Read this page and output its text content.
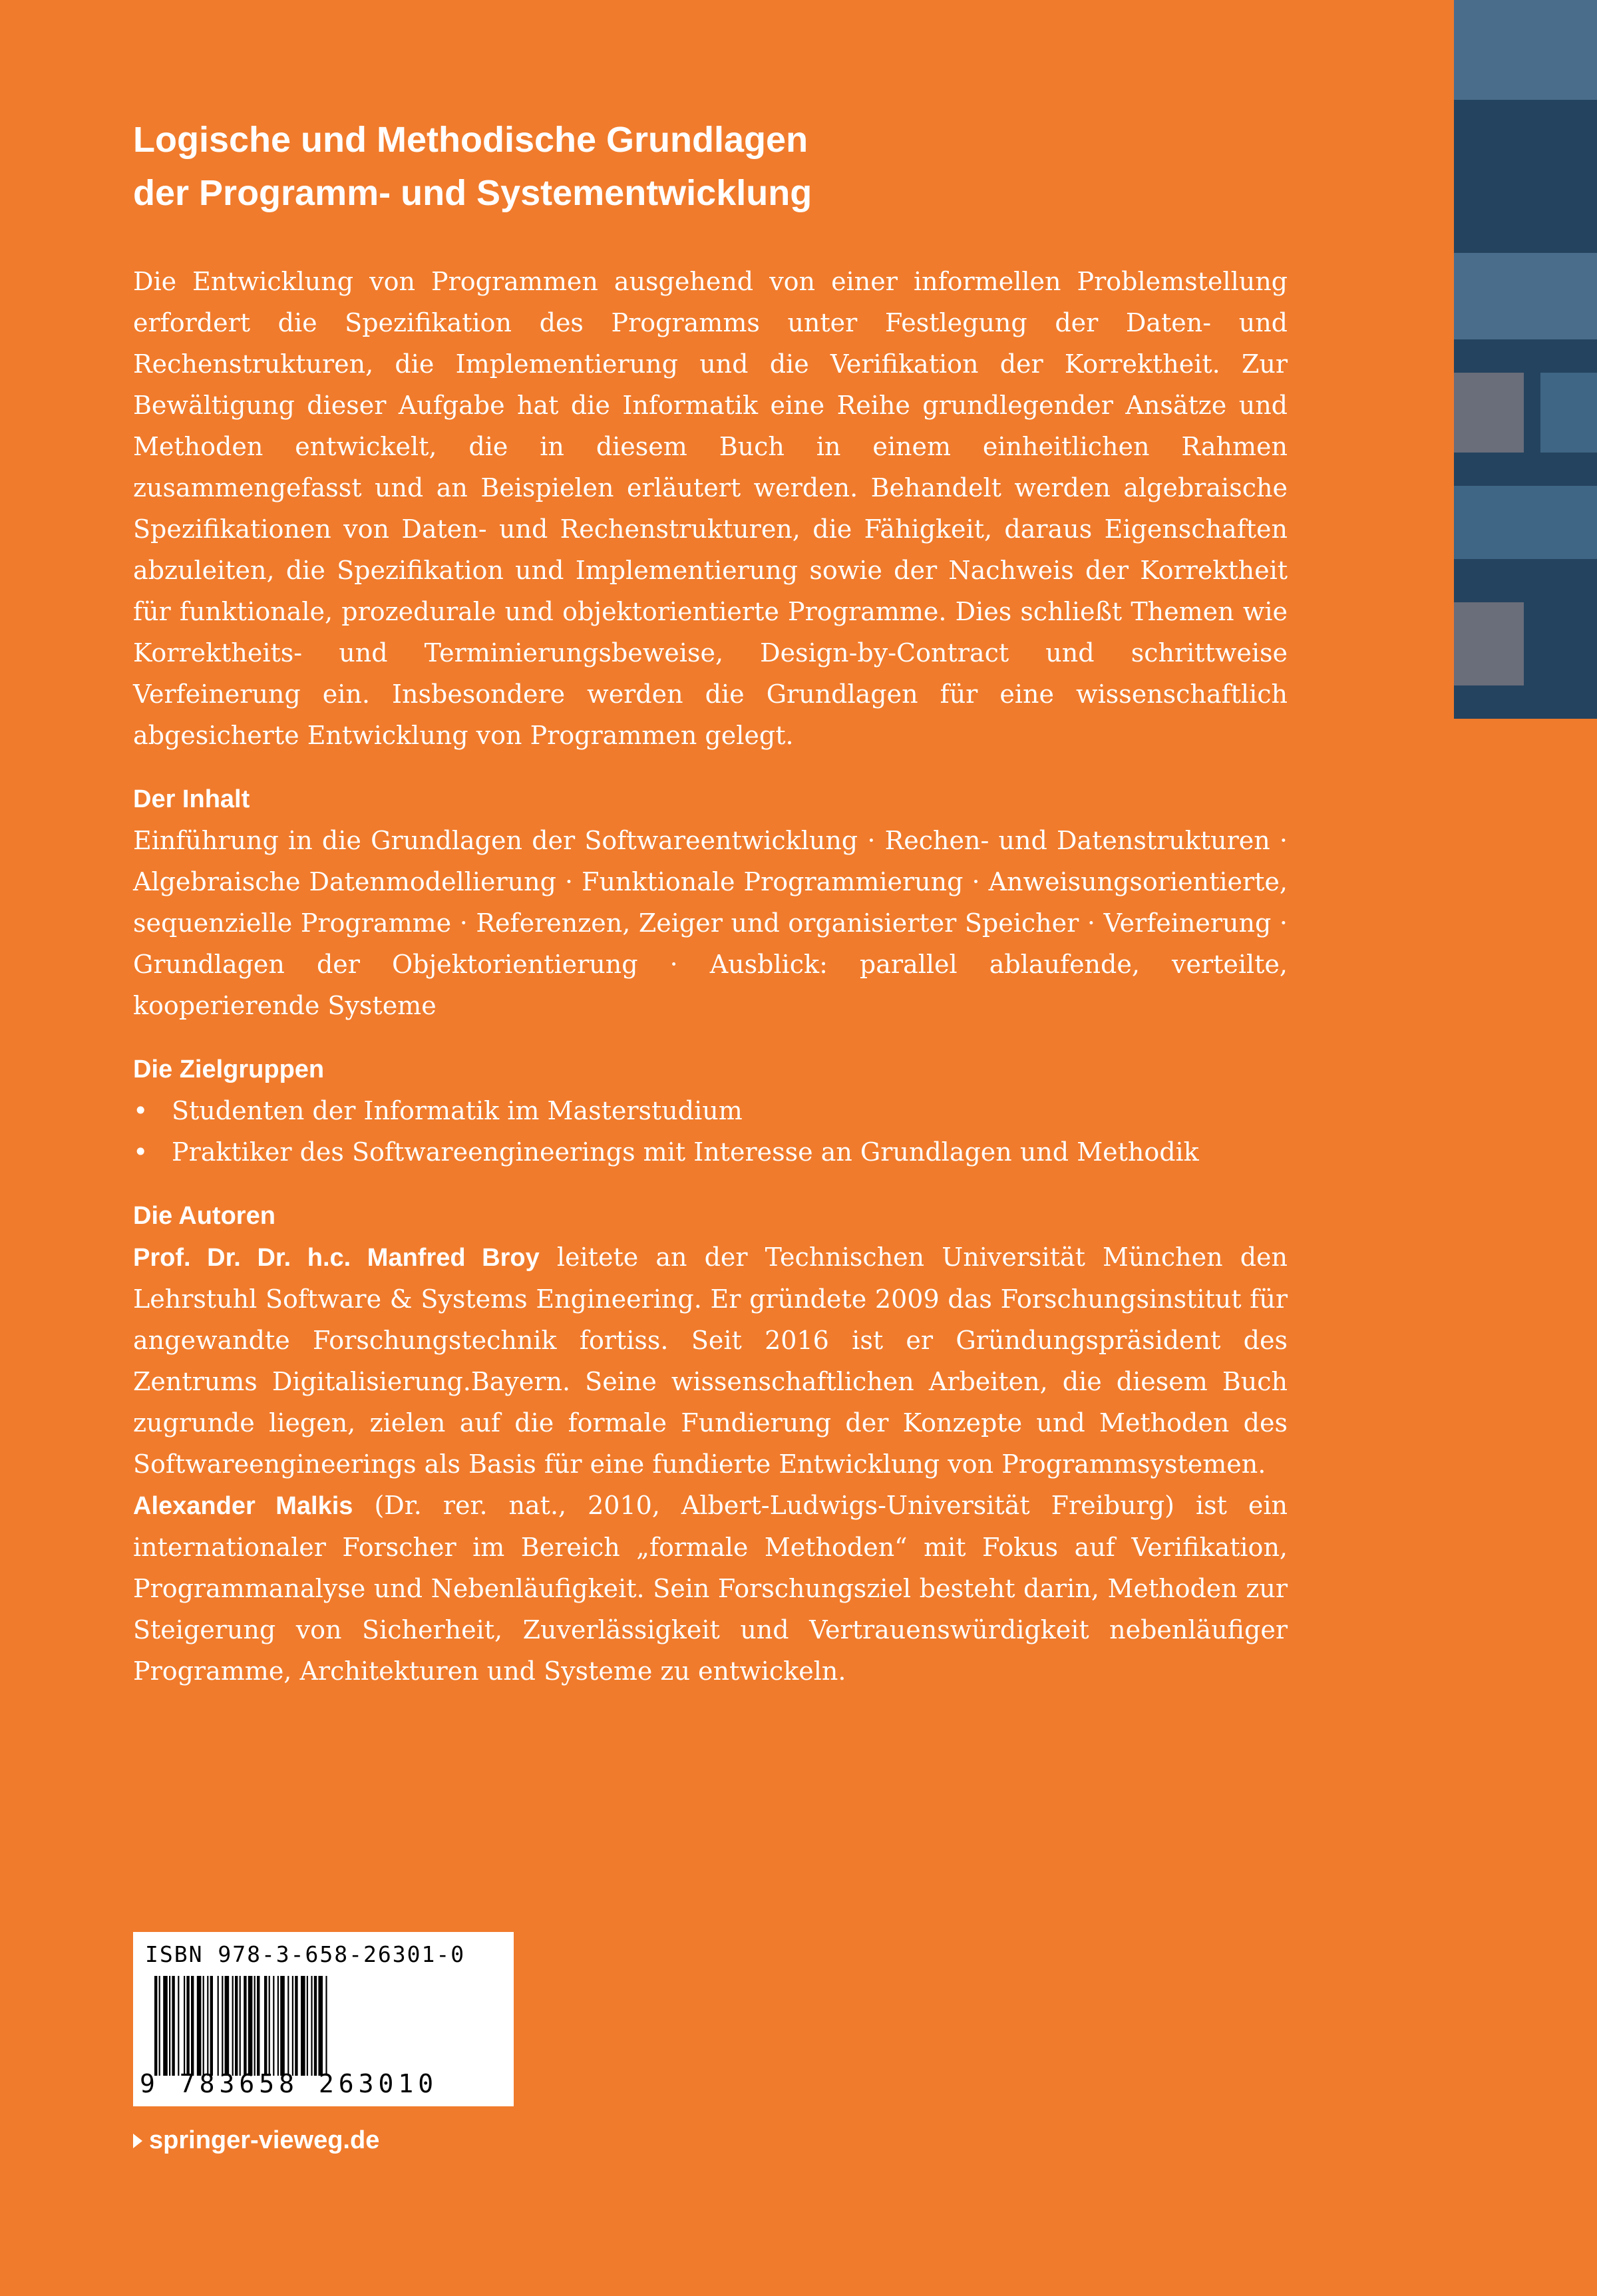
Logische und Methodische Grundlagen
der Programm- und Systementwicklung

Die Entwicklung von Programmen ausgehend von einer informellen Problemstellung erfordert die Spezifikation des Programms unter Festlegung der Daten- und Rechenstrukturen, die Implementierung und die Verifikation der Korrektheit. Zur Bewältigung dieser Aufgabe hat die Informatik eine Reihe grundlegender Ansätze und Methoden entwickelt, die in diesem Buch in einem einheitlichen Rahmen zusammengefasst und an Beispielen erläutert werden. Behandelt werden algebraische Spezifikationen von Daten- und Rechenstrukturen, die Fähigkeit, daraus Eigenschaften abzuleiten, die Spezifikation und Implementierung sowie der Nachweis der Korrektheit für funktionale, prozedurale und objektorientierte Programme. Dies schließt Themen wie Korrektheits- und Terminierungsbeweise, Design-by-Contract und schrittweise Verfeinerung ein. Insbesondere werden die Grundlagen für eine wissenschaftlich abgesicherte Entwicklung von Programmen gelegt.

Der Inhalt

Einführung in die Grundlagen der Softwareentwicklung · Rechen- und Datenstrukturen · Algebraische Datenmodellierung · Funktionale Programmierung · Anweisungsorientierte, sequenzielle Programme · Referenzen, Zeiger und organisierter Speicher · Verfeinerung · Grundlagen der Objektorientierung · Ausblick: parallel ablaufende, verteilte, kooperierende Systeme

Die Zielgruppen
• Studenten der Informatik im Masterstudium
• Praktiker des Softwareengineerings mit Interesse an Grundlagen und Methodik
Die Autoren

Prof. Dr. Dr. h.c. Manfred Broy leitete an der Technischen Universität München den Lehrstuhl Software & Systems Engineering. Er gründete 2009 das Forschungsinstitut für angewandte Forschungstechnik fortiss. Seit 2016 ist er Gründungspräsident des Zentrums Digitalisierung.Bayern. Seine wissenschaftlichen Arbeiten, die diesem Buch zugrunde liegen, zielen auf die formale Fundierung der Konzepte und Methoden des Softwareengineerings als Basis für eine fundierte Entwicklung von Programmsystemen.

Alexander Malkis (Dr. rer. nat., 2010, Albert-Ludwigs-Universität Freiburg) ist ein internationaler Forscher im Bereich „formale Methoden“ mit Fokus auf Verifikation, Programmanalyse und Nebenläufigkeit. Sein Forschungsziel besteht darin, Methoden zur Steigerung von Sicherheit, Zuverlässigkeit und Vertrauenswürdigkeit nebenläufiger Programme, Architekturen und Systeme zu entwickeln.

ISBN 978-3-658-26301-0
9 783658 263010
springer-vieweg.de
